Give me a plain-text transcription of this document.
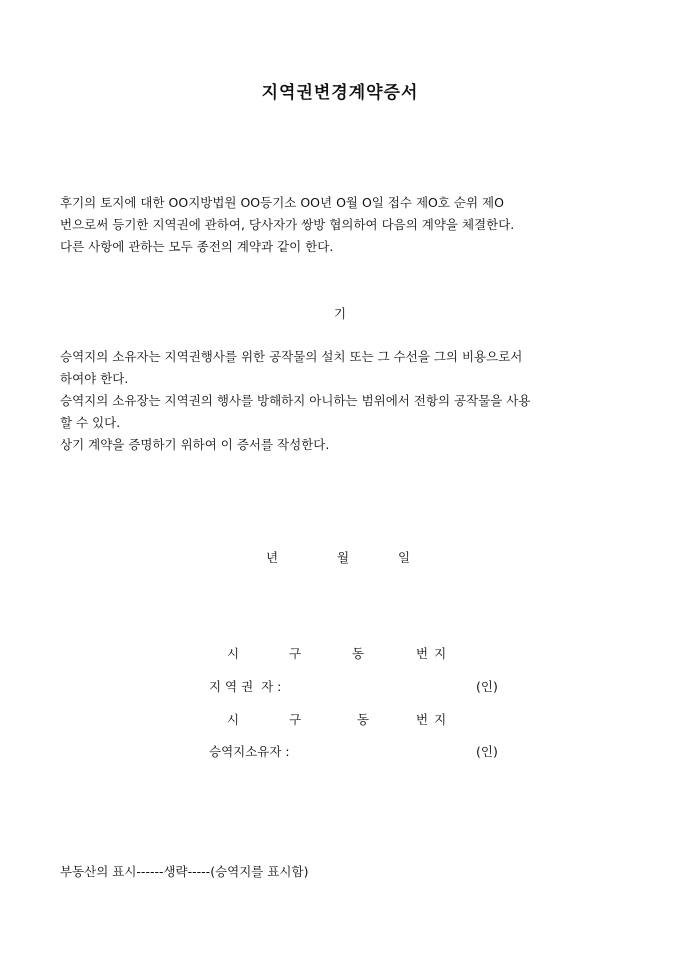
지역권변경계약증서
후기의 토지에 대한 OO지방법원 OO등기소 OO년 O월 O일 접수 제O호 순위 제O
번으로써 등기한 지역권에 관하여, 당사자가 쌍방 협의하여 다음의 계약을 체결한다.
다른 사항에 관하는 모두 종전의 계약과 같이 한다.
기
승역지의 소유자는 지역권행사를 위한 공작물의 설치 또는 그 수선을 그의 비용으로서
하여야 한다.
승역지의 소유장는 지역권의 행사를 방해하지 아니하는 범위에서 전항의 공작물을 사용
할 수 있다.
상기 계약을 증명하기 위하여 이 증서를 작성한다.
년	월	일
시	구	동	번지
지 역 권  자 :	(인)
시	구	동	번지
승역지소유자 :	(인)
부동산의 표시------생략-----(승역지를 표시함)
